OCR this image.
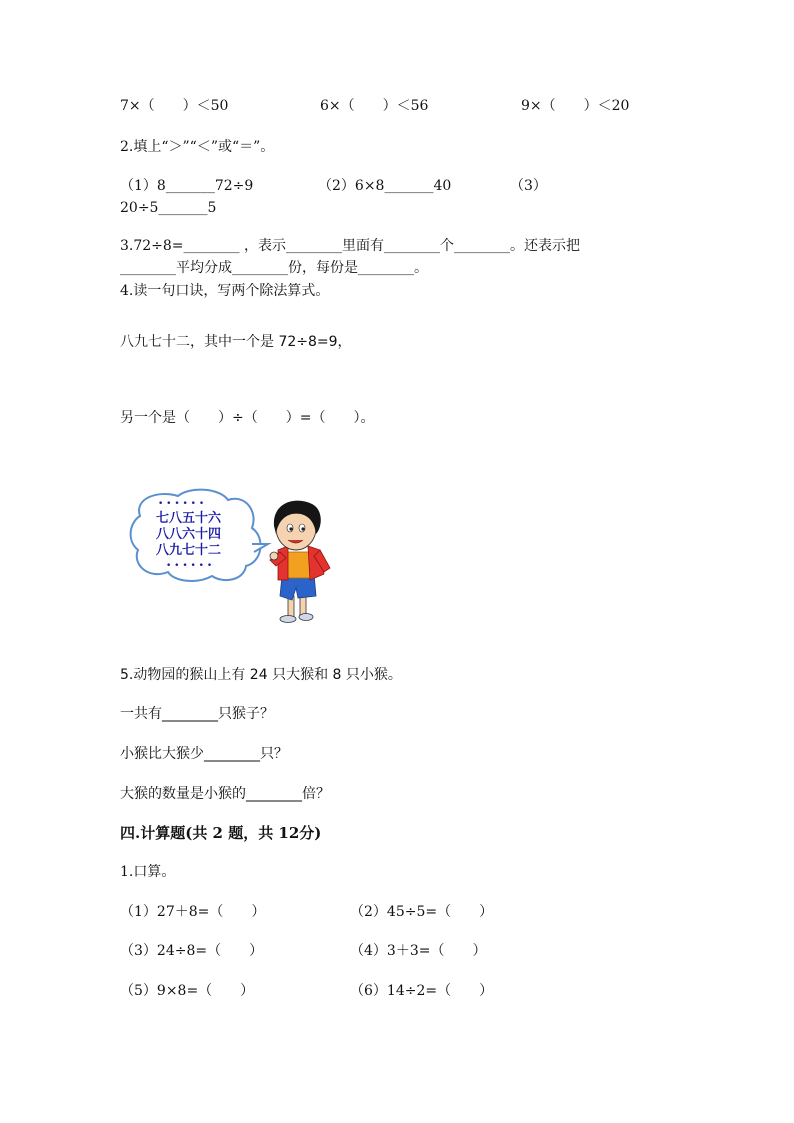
7×（　　）＜50	6×（　　）＜56	9×（　　）＜20
2.填上“＞”“＜”或“＝”。
（1）8_______72÷9	（2）6×8_______40	（3）
20÷5_______5
3.72÷8=________ ，表示________里面有________个________。还表示把
________平均分成________份，每份是________。
4.读一句口诀，写两个除法算式。
八九七十二，其中一个是 72÷8=9，
另一个是（　　）÷（　　）=（　　）。
• • • • • •
七八五十六
八八六十四
八九七十二
• • • • • •
5.动物园的猴山上有 24 只大猴和 8 只小猴。
一共有________只猴子？
小猴比大猴少________只？
大猴的数量是小猴的________倍？
四.计算题(共 2 题，共 12分)
1.口算。
（1）27＋8=（　　）	（2）45÷5=（　　）
（3）24÷8=（　　）	（4）3＋3=（　　）
（5）9×8=（　　）	（6）14÷2=（　　）
